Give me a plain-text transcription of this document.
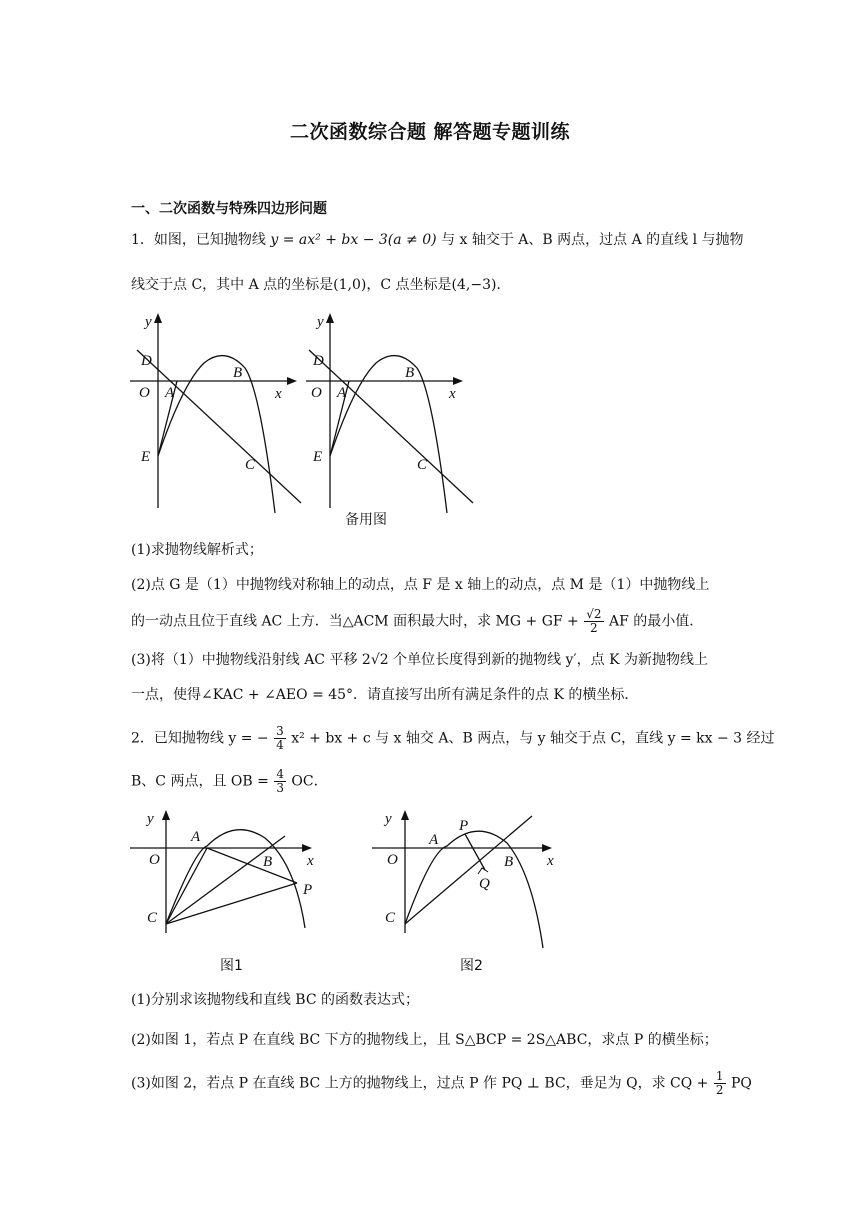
二次函数综合题 解答题专题训练
一、二次函数与特殊四边形问题
1．如图，已知抛物线 y = ax² + bx − 3(a ≠ 0) 与 x 轴交于 A、B 两点，过点 A 的直线 l 与抛物
线交于点 C，其中 A 点的坐标是(1,0)，C 点坐标是(4,−3)．
y
D
O A
B
x
E	C
y
D
O A
B
x
E	C
备用图
(1)求抛物线解析式；
(2)点 G 是（1）中抛物线对称轴上的动点，点 F 是 x 轴上的动点，点 M 是（1）中抛物线上
的一动点且位于直线 AC 上方．当△ACM 面积最大时，求 MG + GF + $\frac{√2}{2}$ AF 的最小值．
(3)将（1）中抛物线沿射线 AC 平移 2√2 个单位长度得到新的抛物线 y′，点 K 为新抛物线上
一点，使得∠KAC + ∠AEO = 45°．请直接写出所有满足条件的点 K 的横坐标．
2．已知抛物线 y = − $\frac{3}{4} x^2$ + bx + c 与 x 轴交 A、B 两点，与 y 轴交于点 C，直线 y = kx − 3 经过
B、C 两点，且 OB = $\frac{4}{3}$ OC．
y
A
O	B x
P
C
图1
y
A
P
O	B x
Q
C
图2
(1)分别求该抛物线和直线 BC 的函数表达式；
(2)如图 1，若点 P 在直线 BC 下方的抛物线上，且 S△BCP = 2S△ABC，求点 P 的横坐标；
(3)如图 2，若点 P 在直线 BC 上方的抛物线上，过点 P 作 PQ ⊥ BC，垂足为 Q，求 CQ + $\frac{1}{2}$ PQ
